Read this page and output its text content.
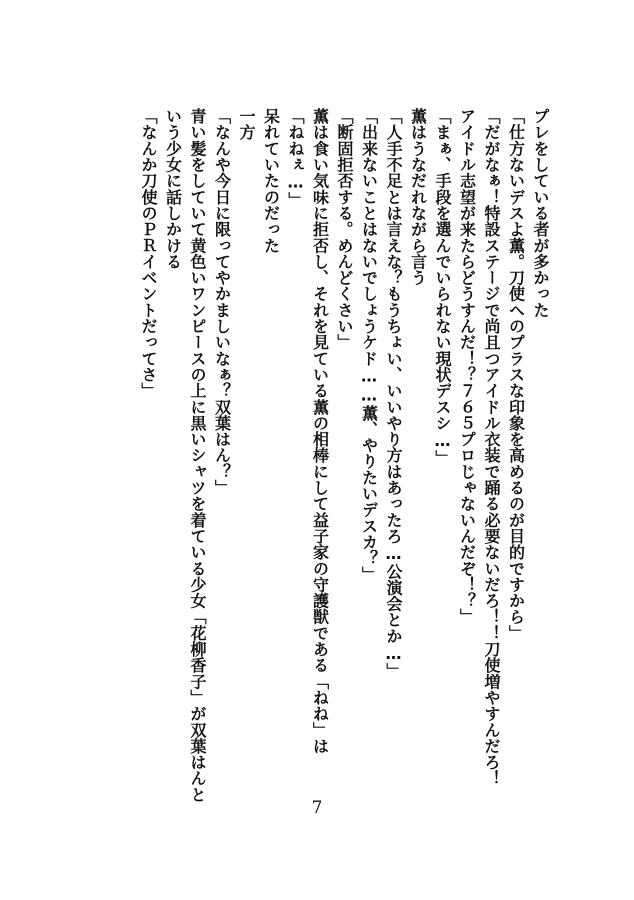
プレをしている者が多かった
「仕方ないデスよ薫。刀使へのプラスな印象を高めるのが目的ですから」
「だがなぁ！特設ステージで尚且つアイドル衣装で踊る必要ないだろ！！刀使増やすんだろ！
アイドル志望が来たらどうすんだ！？７６５プロじゃないんだぞ！？」
「まぁ、手段を選んでいられない現状デスシ…」
薫はうなだれながら言う
「人手不足とは言えな？もうちょい、いいやり方はあったろ…公演会とか…」
「出来ないことはないでしょうケド……薫、やりたいデスカ？」
「断固拒否する。めんどくさい」
薫は食い気味に拒否し、それを見ている薫の相棒にして益子家の守護獣である「ねね」は
「ねねぇ…」
呆れていたのだった
一方
「なんや今日に限ってやかましいなぁ？双葉はん？」
青い髪をしていて黄色いワンピースの上に黒いシャツを着ている少女「花柳香子」が双葉はんと
いう少女に話しかける
「なんか刀使のＰＲイベントだってさ」
7
